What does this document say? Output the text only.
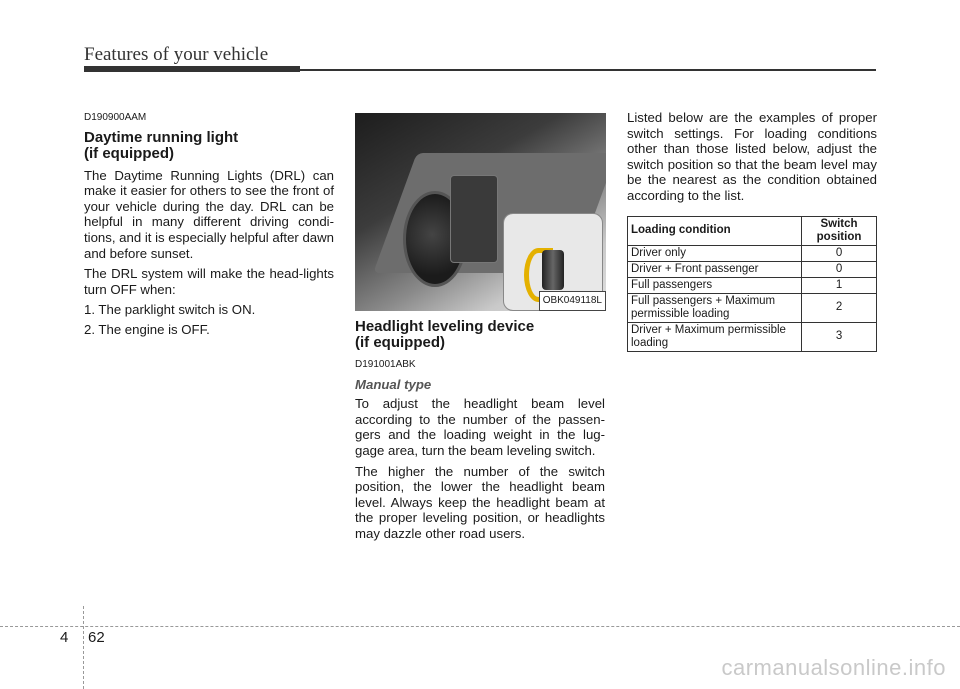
Features of your vehicle
D190900AAM
Daytime running light
(if equipped)

The Daytime Running Lights (DRL) can make it easier for others to see the front of your vehicle during the day. DRL can be helpful in many different driving condi-tions, and it is especially helpful after dawn and before sunset.

The DRL system will make the head-lights turn OFF when:

1. The parklight switch is ON.
2. The engine is OFF.
OBK049118L
Headlight leveling device
(if equipped)
D191001ABK
Manual type

To adjust the headlight beam level according to the number of the passen-gers and the loading weight in the lug-gage area, turn the beam leveling switch.

The higher the number of the switch position, the lower the headlight beam level. Always keep the headlight beam at the proper leveling position, or headlights may dazzle other road users.

Listed below are the examples of proper switch settings. For loading conditions other than those listed below, adjust the switch position so that the beam level may be the nearest as the condition obtained according to the list.

Loading condition	Switch position
Driver only	0
Driver + Front passenger	0
Full passengers	1
Full passengers + Maximum permissible loading	2
Driver + Maximum permissible loading	3
4 62
carmanualsonline.info
